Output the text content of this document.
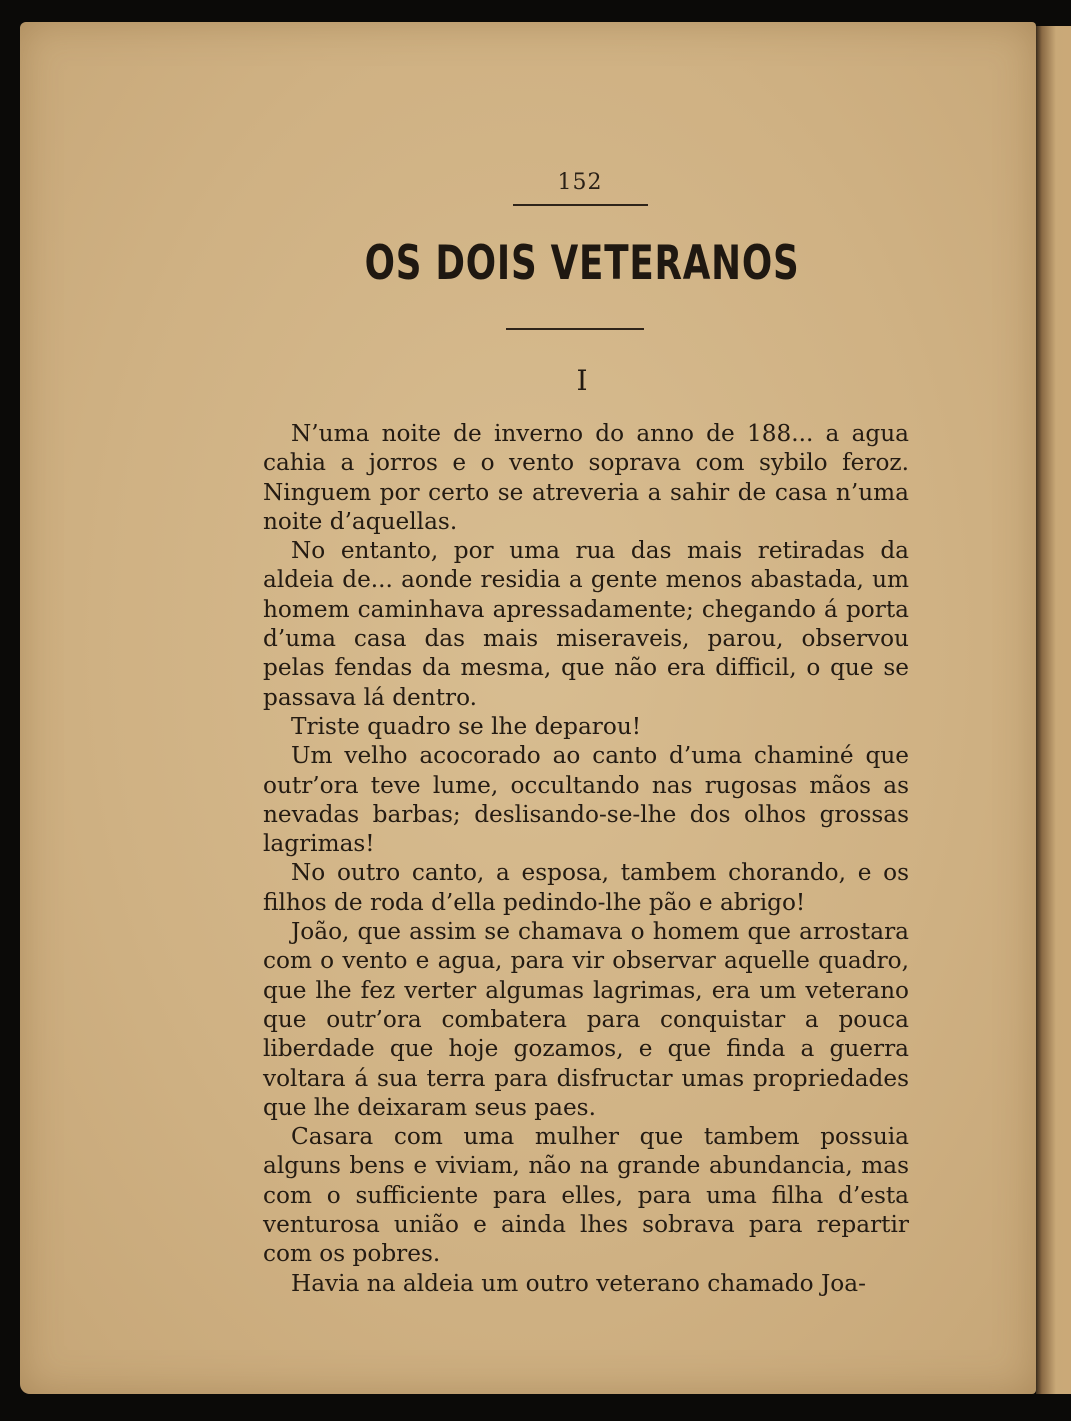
152
OS DOIS VETERANOS
I

N’uma noite de inverno do anno de 188... a agua cahia a jorros e o vento soprava com sybilo feroz. Ninguem por certo se atreveria a sahir de casa n’uma noite d’aquellas.

No entanto, por uma rua das mais retiradas da aldeia de... aonde residia a gente menos abastada, um homem caminhava apressadamente; chegando á porta d’uma casa das mais miseraveis, parou, observou pelas fendas da mesma, que não era difficil, o que se passava lá dentro.

Triste quadro se lhe deparou!

Um velho acocorado ao canto d’uma chaminé que outr’ora teve lume, occultando nas rugosas mãos as nevadas barbas; deslisando-se-lhe dos olhos grossas lagrimas!

No outro canto, a esposa, tambem chorando, e os filhos de roda d’ella pedindo-lhe pão e abrigo!

João, que assim se chamava o homem que arrostara com o vento e agua, para vir observar aquelle quadro, que lhe fez verter algumas lagrimas, era um veterano que outr’ora combatera para conquistar a pouca liberdade que hoje gozamos, e que finda a guerra voltara á sua terra para disfructar umas propriedades que lhe deixaram seus paes.

Casara com uma mulher que tambem possuia alguns bens e viviam, não na grande abundancia, mas com o sufficiente para elles, para uma filha d’esta venturosa união e ainda lhes sobrava para repartir com os pobres.

Havia na aldeia um outro veterano chamado Joa-
